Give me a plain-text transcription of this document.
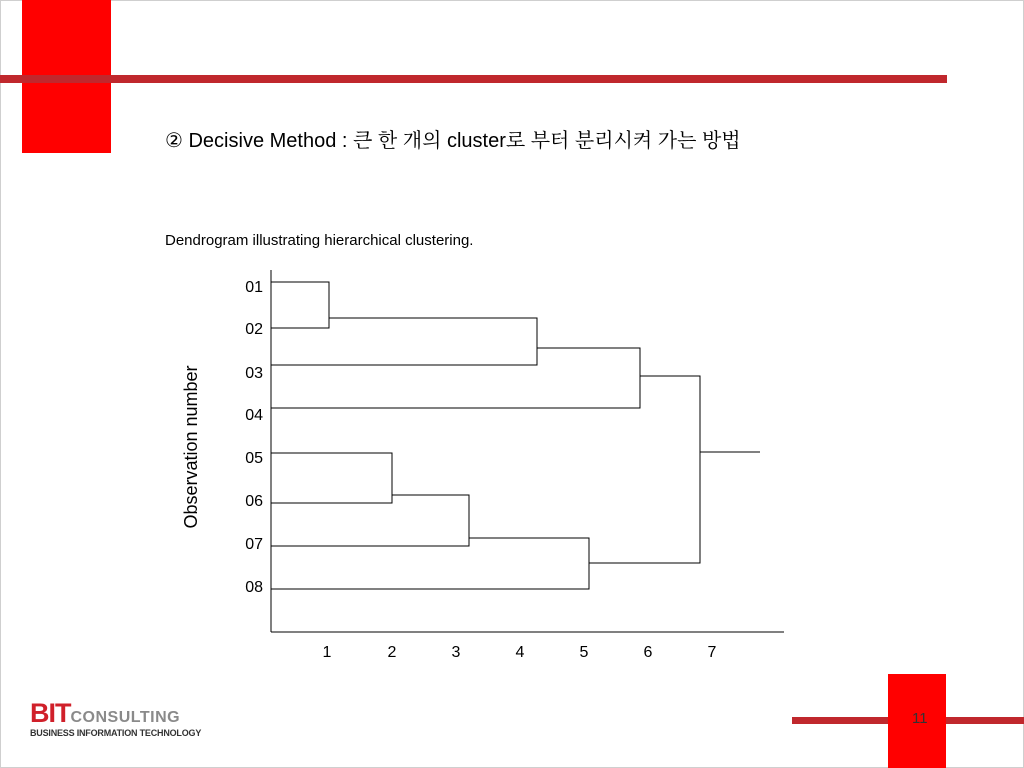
② Decisive Method : 큰 한 개의 cluster로 부터 분리시켜 가는 방법
Dendrogram illustrating hierarchical clustering.
Observation number
01
02
03
04
05
06
07
08
1	2	3	4	5	6	7
BITCONSULTING
BUSINESS INFORMATION TECHNOLOGY
11
